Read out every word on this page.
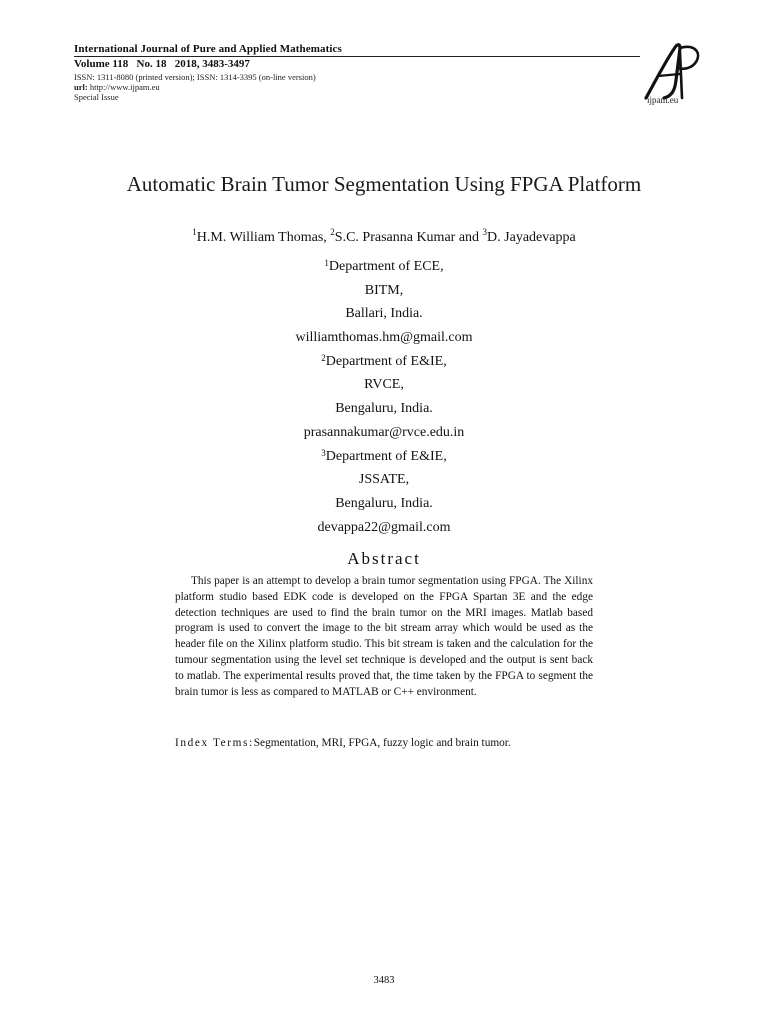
International Journal of Pure and Applied Mathematics
Volume 118   No. 18   2018, 3483-3497
ISSN: 1311-8080 (printed version); ISSN: 1314-3395 (on-line version)
url: http://www.ijpam.eu
Special Issue	ijpam.eu
Automatic Brain Tumor Segmentation Using FPGA Platform
$^1$H.M. William Thomas, $^2$S.C. Prasanna Kumar and $^3$D. Jayadevappa
$^1$Department of ECE,
BITM,
Ballari, India.
williamthomas.hm@gmail.com
$^2$Department of E&IE,
RVCE,
Bengaluru, India.
prasannakumar@rvce.edu.in
$^3$Department of E&IE,
JSSATE,
Bengaluru, India.
devappa22@gmail.com
Abstract
This paper is an attempt to develop a brain tumor segmentation using FPGA. The Xilinx platform studio based EDK code is developed on the FPGA Spartan 3E and the edge detection techniques are used to find the brain tumor on the MRI images. Matlab based program is used to convert the image to the bit stream array which would be used as the header file on the Xilinx platform studio. This bit stream is taken and the calculation for the tumour segmentation using the level set technique is developed and the output is sent back to matlab. The experimental results proved that, the time taken by the FPGA to segment the brain tumor is less as compared to MATLAB or C++ environment.
Index Terms:Segmentation, MRI, FPGA, fuzzy logic and brain tumor.
3483
